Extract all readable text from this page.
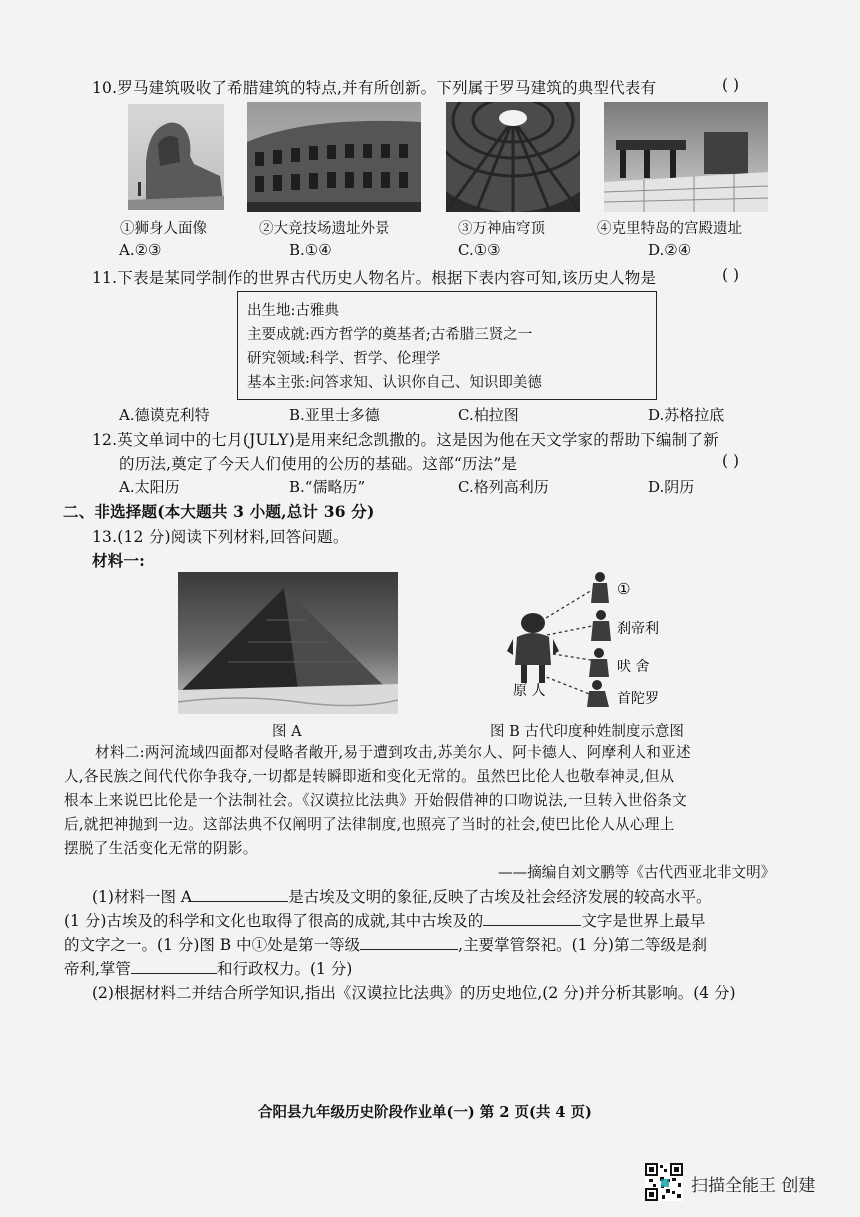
10.罗马建筑吸收了希腊建筑的特点,并有所创新。下列属于罗马建筑的典型代表有	( )
①狮身人面像	②大竞技场遗址外景	③万神庙穹顶	④克里特岛的宫殿遗址
A.②③	B.①④	C.①③	D.②④
11.下表是某同学制作的世界古代历史人物名片。根据下表内容可知,该历史人物是	( )
出生地:古雅典
主要成就:西方哲学的奠基者;古希腊三贤之一
研究领域:科学、哲学、伦理学
基本主张:问答求知、认识你自己、知识即美德
A.德谟克利特	B.亚里士多德	C.柏拉图	D.苏格拉底
12.英文单词中的七月(JULY)是用来纪念凯撒的。这是因为他在天文学家的帮助下编制了新
的历法,奠定了今天人们使用的公历的基础。这部“历法”是	( )
A.太阳历	B.“儒略历”	C.格列高利历	D.阴历
二、非选择题(本大题共 3 小题,总计 36 分)
13.(12 分)阅读下列材料,回答问题。
材料一:
图 A
①
刹帝利
吠 舍
首陀罗
原 人
图 B 古代印度种姓制度示意图
材料二:两河流域四面都对侵略者敞开,易于遭到攻击,苏美尔人、阿卡德人、阿摩利人和亚述
人,各民族之间代代你争我夺,一切都是转瞬即逝和变化无常的。虽然巴比伦人也敬奉神灵,但从
根本上来说巴比伦是一个法制社会。《汉谟拉比法典》开始假借神的口吻说法,一旦转入世俗条文
后,就把神抛到一边。这部法典不仅阐明了法律制度,也照亮了当时的社会,使巴比伦人从心理上
摆脱了生活变化无常的阴影。
——摘编自刘文鹏等《古代西亚北非文明》
(1)材料一图 A	是古埃及文明的象征,反映了古埃及社会经济发展的较高水平。
(1 分)古埃及的科学和文化也取得了很高的成就,其中古埃及的	文字是世界上最早
的文字之一。(1 分)图 B 中①处是第一等级	,主要掌管祭祀。(1 分)第二等级是刹
帝利,掌管	和行政权力。(1 分)
(2)根据材料二并结合所学知识,指出《汉谟拉比法典》的历史地位,(2 分)并分析其影响。(4 分)
合阳县九年级历史阶段作业单(一) 第 2 页(共 4 页)
扫描全能王 创建
